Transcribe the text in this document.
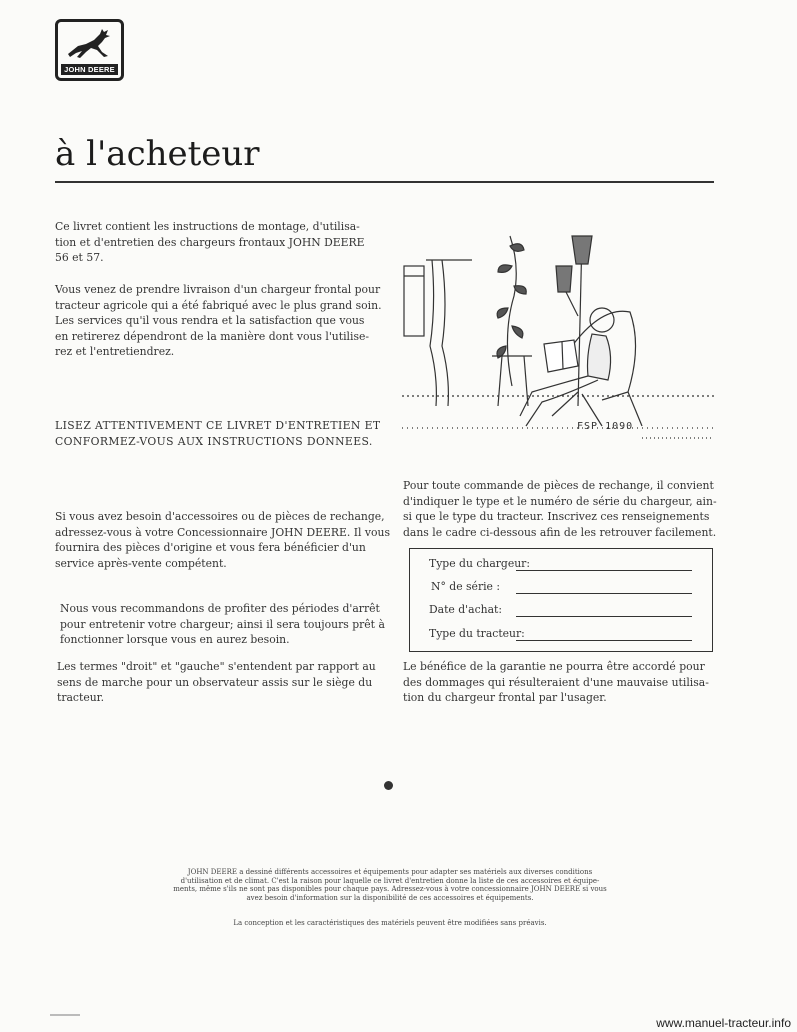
JOHN DEERE
à l'acheteur
Ce livret contient les instructions de montage, d'utilisa-
tion et d'entretien des chargeurs frontaux JOHN DEERE
56 et 57.
Vous venez de prendre livraison d'un chargeur frontal pour
tracteur agricole qui a été fabriqué avec le plus grand soin.
Les services qu'il vous rendra et la satisfaction que vous
en retirerez dépendront de la manière dont vous l'utilise-
rez et l'entretiendrez.
LISEZ ATTENTIVEMENT CE LIVRET D'ENTRETIEN ET
CONFORMEZ-VOUS AUX INSTRUCTIONS DONNEES.
Si vous avez besoin d'accessoires ou de pièces de rechange,
adressez-vous à votre Concessionnaire JOHN DEERE. Il vous
fournira des pièces d'origine et vous fera bénéficier d'un
service après-vente compétent.
Nous vous recommandons de profiter des périodes d'arrêt
pour entretenir votre chargeur; ainsi il sera toujours prêt à
fonctionner lorsque vous en aurez besoin.
Les termes "droit" et "gauche" s'entendent par rapport au
sens de marche pour un observateur assis sur le siège du
tracteur.
FSP 1090
Pour toute commande de pièces de rechange, il convient
d'indiquer le type et le numéro de série du chargeur, ain-
si que le type du tracteur. Inscrivez ces renseignements
dans le cadre ci-dessous afin de les retrouver facilement.
Type du chargeur:
N° de série :
Date d'achat:
Type du tracteur:
Le bénéfice de la garantie ne pourra être accordé pour
des dommages qui résulteraient d'une mauvaise utilisa-
tion du chargeur frontal par l'usager.
JOHN DEERE a dessiné différents accessoires et équipements pour adapter ses matériels aux diverses conditions
d'utilisation et de climat. C'est la raison pour laquelle ce livret d'entretien donne la liste de ces accessoires et équipe-
ments, même s'ils ne sont pas disponibles pour chaque pays. Adressez-vous à votre concessionnaire JOHN DEERE si vous
avez besoin d'information sur la disponibilité de ces accessoires et équipements.
La conception et les caractéristiques des matériels peuvent être modifiées sans préavis.
www.manuel-tracteur.info
